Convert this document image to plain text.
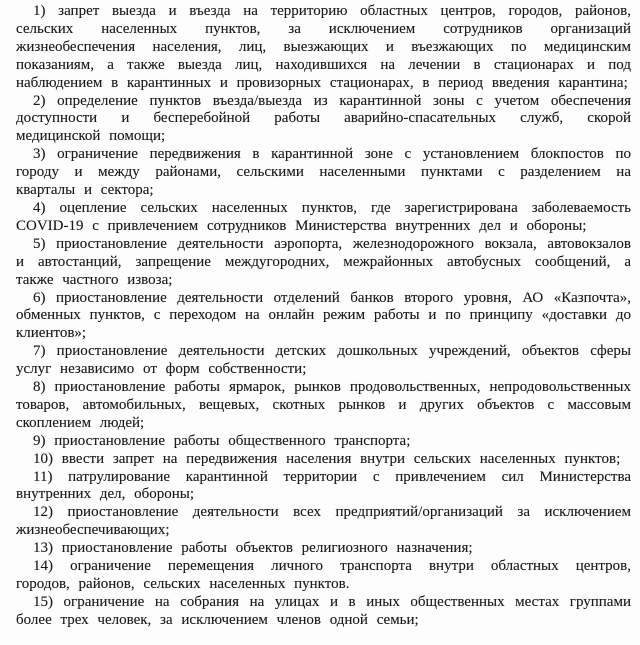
1) запрет выезда и въезда на территорию областных центров, городов, районов, сельских населенных пунктов, за исключением сотрудников организаций жизнеобеспечения населения, лиц, выезжающих и въезжающих по медицинским показаниям, а также выезда лиц, находившихся на лечении в стационарах и под наблюдением в карантинных и провизорных стационарах, в период введения карантина;

2) определение пунктов въезда/выезда из карантинной зоны с учетом обеспечения доступности и бесперебойной работы аварийно-спасательных служб, скорой медицинской помощи;

3) ограничение передвижения в карантинной зоне с установлением блокпостов по городу и между районами, сельскими населенными пунктами с разделением на кварталы и сектора;

4) оцепление сельских населенных пунктов, где зарегистрирована заболеваемость COVID-19 с привлечением сотрудников Министерства внутренних дел и обороны;

5) приостановление деятельности аэропорта, железнодорожного вокзала, автовокзалов и автостанций, запрещение междугородних, межрайонных автобусных сообщений, а также частного извоза;

6) приостановление деятельности отделений банков второго уровня, АО «Казпочта», обменных пунктов, с переходом на онлайн режим работы и по принципу «доставки до клиентов»;

7) приостановление деятельности детских дошкольных учреждений, объектов сферы услуг независимо от форм собственности;

8) приостановление работы ярмарок, рынков продовольственных, непродовольственных товаров, автомобильных, вещевых, скотных рынков и других объектов с массовым скоплением людей;

9) приостановление работы общественного транспорта;

10) ввести запрет на передвижения населения внутри сельских населенных пунктов;

11) патрулирование карантинной территории с привлечением сил Министерства внутренних дел, обороны;

12) приостановление деятельности всех предприятий/организаций за исключением жизнеобеспечивающих;

13) приостановление работы объектов религиозного назначения;

14) ограничение перемещения личного транспорта внутри областных центров, городов, районов, сельских населенных пунктов.

15) ограничение на собрания на улицах и в иных общественных местах группами более трех человек, за исключением членов одной семьи;
